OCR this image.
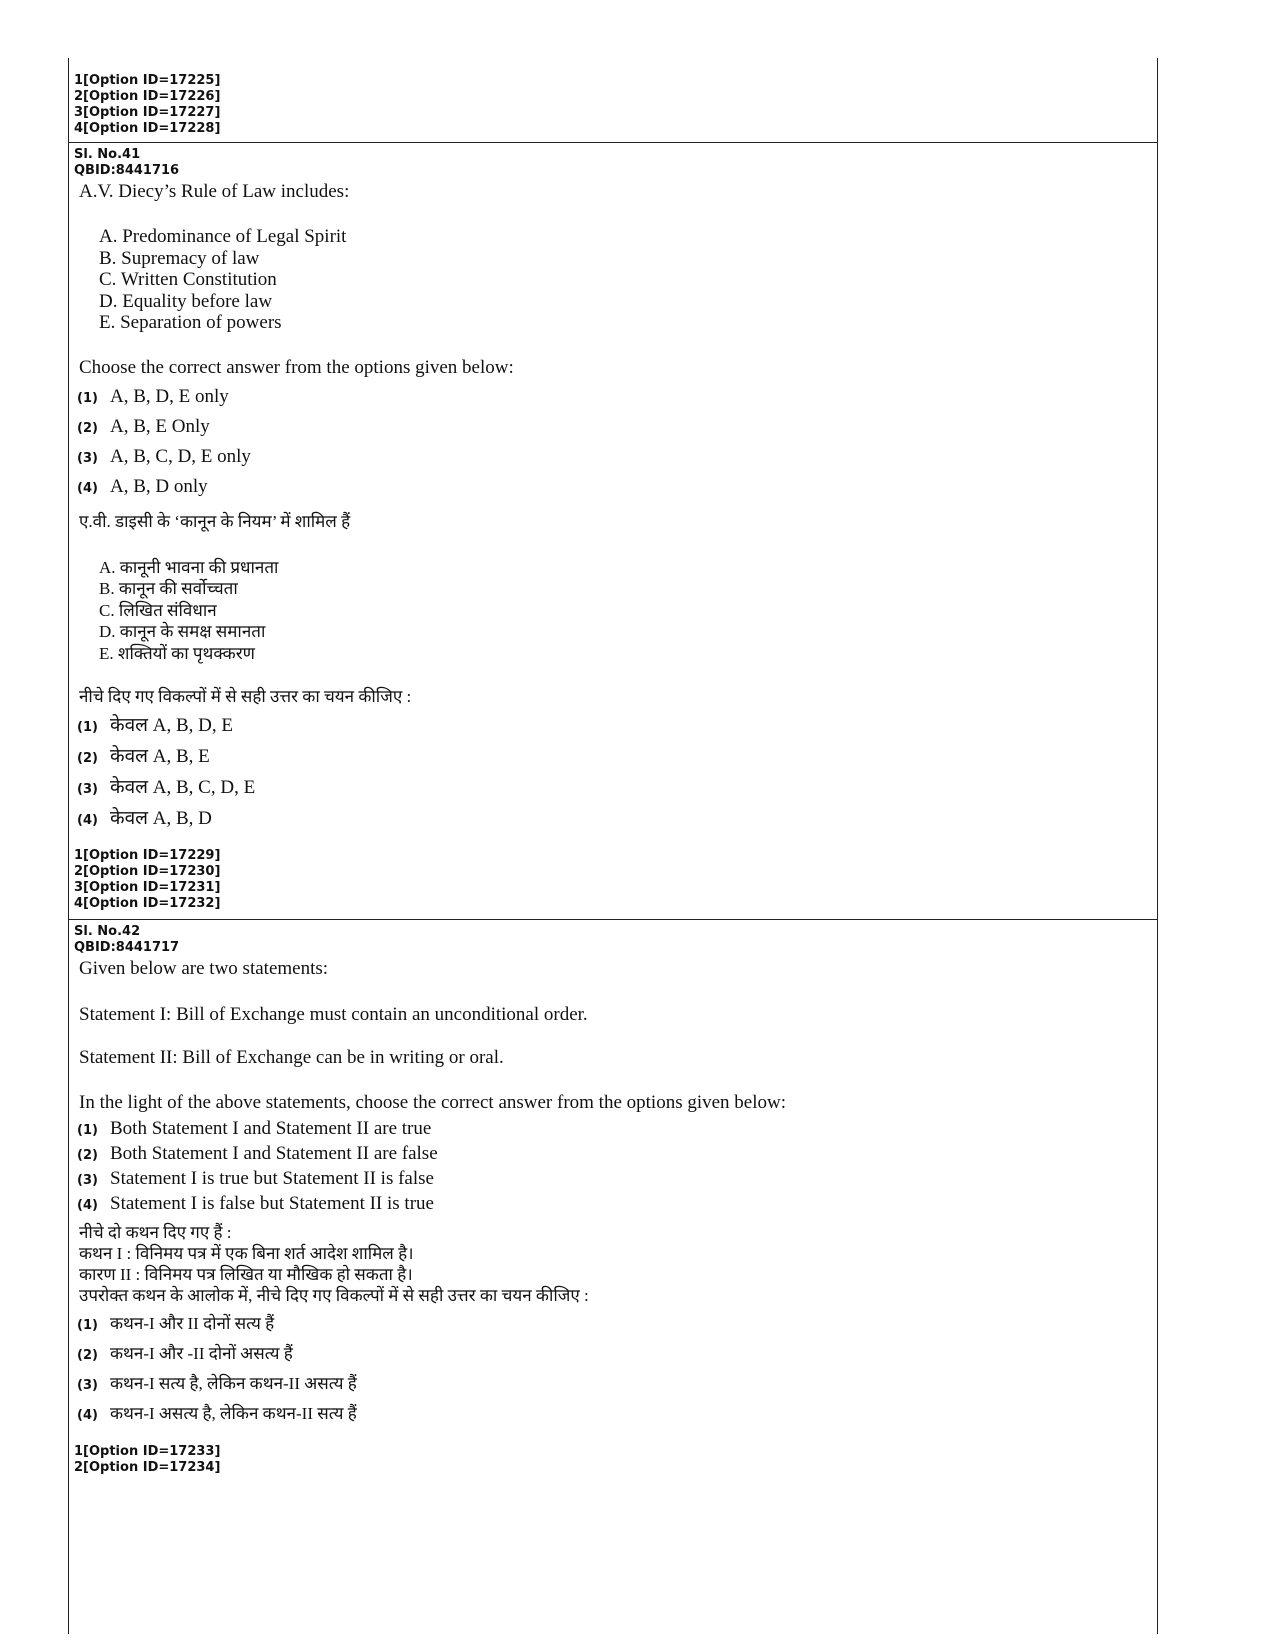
1[Option ID=17225]
2[Option ID=17226]
3[Option ID=17227]
4[Option ID=17228]
Sl. No.41
QBID:8441716
A.V. Diecy’s Rule of Law includes:
A. Predominance of Legal Spirit
B. Supremacy of law
C. Written Constitution
D. Equality before law
E. Separation of powers
Choose the correct answer from the options given below:
(1) A, B, D, E only
(2) A, B, E Only
(3) A, B, C, D, E only
(4) A, B, D only
ए.वी. डाइसी के ‘कानून के नियम’ में शामिल हैं
A. कानूनी भावना की प्रधानता
B. कानून की सर्वोच्चता
C. लिखित संविधान
D. कानून के समक्ष समानता
E. शक्तियों का पृथक्करण
नीचे दिए गए विकल्पों में से सही उत्तर का चयन कीजिए :
(1) केवल A, B, D, E
(2) केवल A, B, E
(3) केवल A, B, C, D, E
(4) केवल A, B, D
1[Option ID=17229]
2[Option ID=17230]
3[Option ID=17231]
4[Option ID=17232]
Sl. No.42
QBID:8441717
Given below are two statements:
Statement I: Bill of Exchange must contain an unconditional order.
Statement II: Bill of Exchange can be in writing or oral.
In the light of the above statements, choose the correct answer from the options given below:
(1) Both Statement I and Statement II are true
(2) Both Statement I and Statement II are false
(3) Statement I is true but Statement II is false
(4) Statement I is false but Statement II is true
नीचे दो कथन दिए गए हैं :
कथन I : विनिमय पत्र में एक बिना शर्त आदेश शामिल है।
कारण II : विनिमय पत्र लिखित या मौखिक हो सकता है।
उपरोक्त कथन के आलोक में, नीचे दिए गए विकल्पों में से सही उत्तर का चयन कीजिए :
(1) कथन-I और II दोनों सत्य हैं
(2) कथन-I और -II दोनों असत्य हैं
(3) कथन-I सत्य है, लेकिन कथन-II असत्य हैं
(4) कथन-I असत्य है, लेकिन कथन-II सत्य हैं
1[Option ID=17233]
2[Option ID=17234]
